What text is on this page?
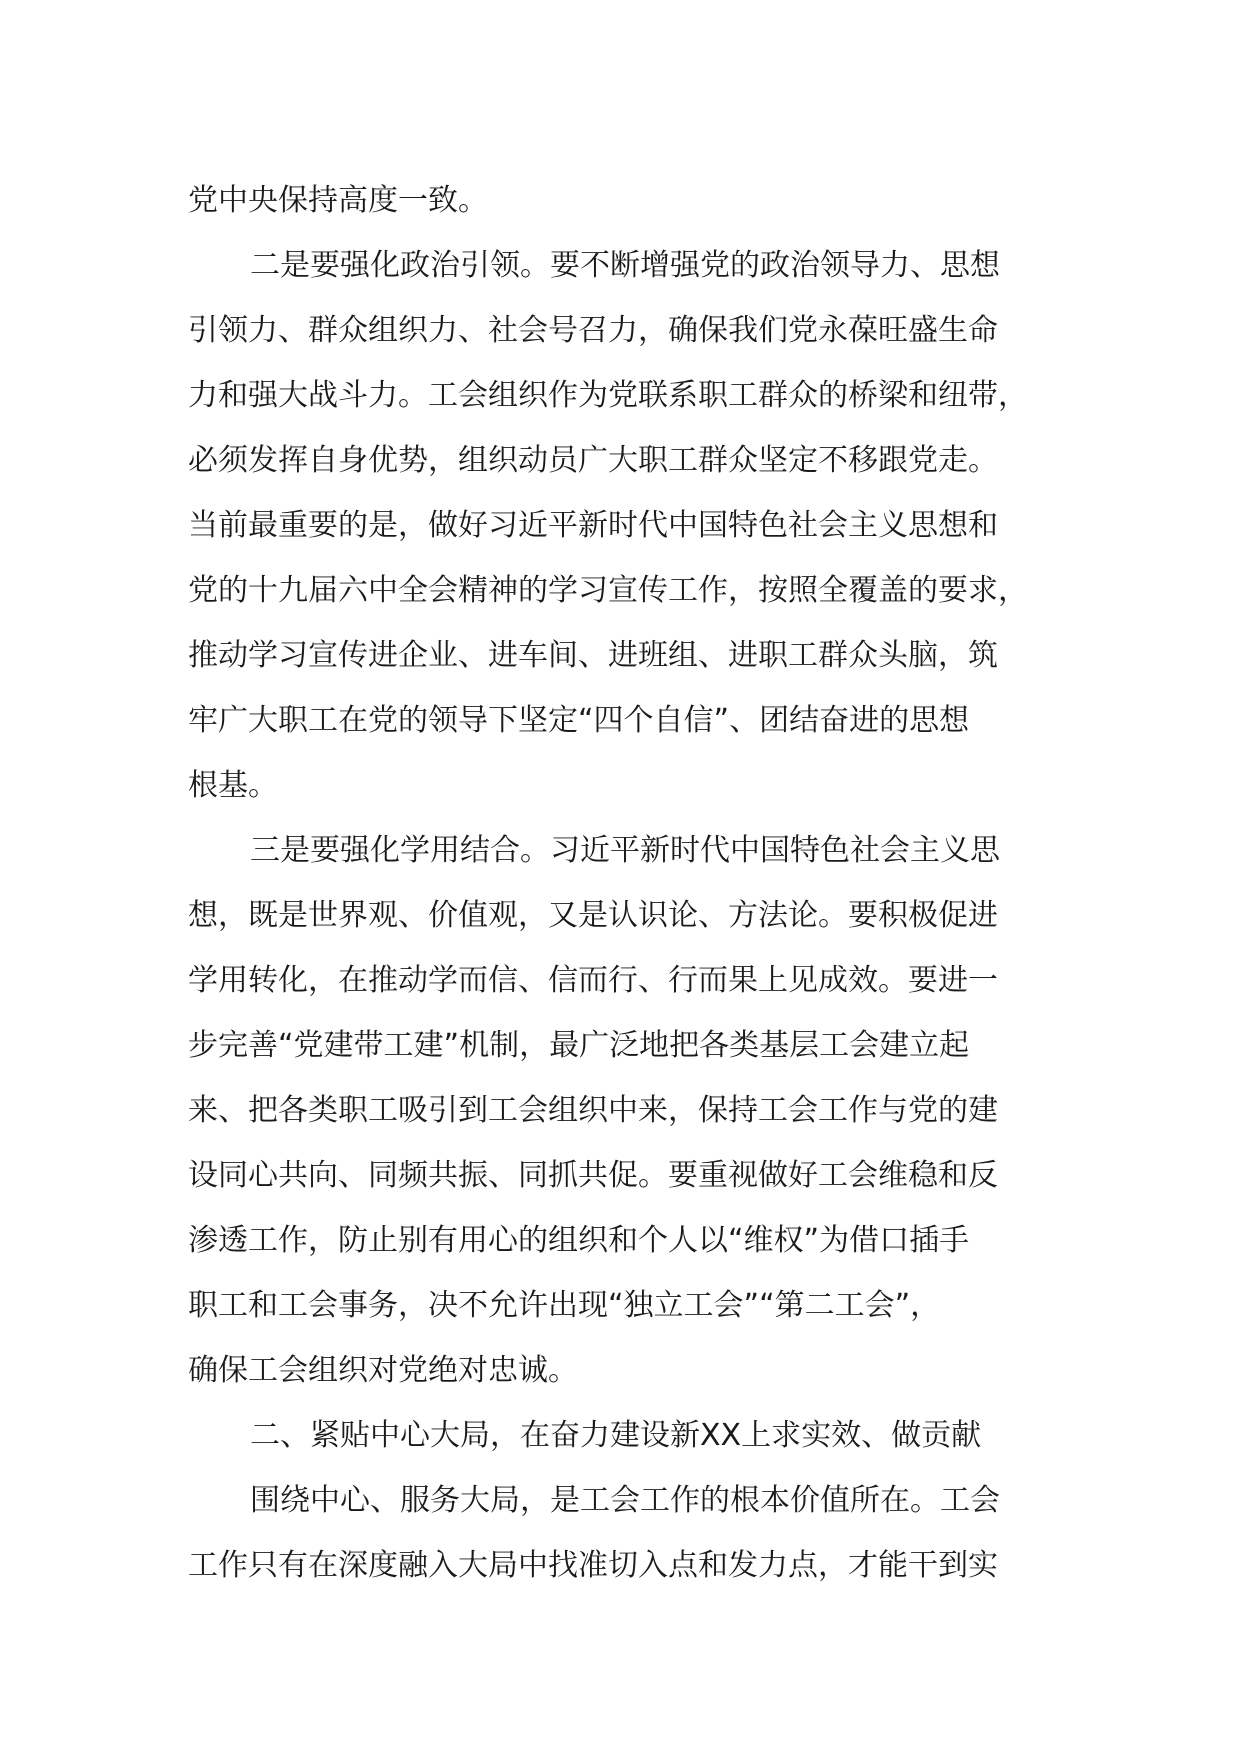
党中央保持高度一致。
二是要强化政治引领。要不断增强党的政治领导力、思想
引领力、群众组织力、社会号召力，确保我们党永葆旺盛生命
力和强大战斗力。工会组织作为党联系职工群众的桥梁和纽带，
必须发挥自身优势，组织动员广大职工群众坚定不移跟党走。
当前最重要的是，做好习近平新时代中国特色社会主义思想和
党的十九届六中全会精神的学习宣传工作，按照全覆盖的要求，
推动学习宣传进企业、进车间、进班组、进职工群众头脑，筑
牢广大职工在党的领导下坚定“四个自信”、团结奋进的思想
根基。
三是要强化学用结合。习近平新时代中国特色社会主义思
想，既是世界观、价值观，又是认识论、方法论。要积极促进
学用转化，在推动学而信、信而行、行而果上见成效。要进一
步完善“党建带工建”机制，最广泛地把各类基层工会建立起
来、把各类职工吸引到工会组织中来，保持工会工作与党的建
设同心共向、同频共振、同抓共促。要重视做好工会维稳和反
渗透工作，防止别有用心的组织和个人以“维权”为借口插手
职工和工会事务，决不允许出现“独立工会”“第二工会”，
确保工会组织对党绝对忠诚。
二、紧贴中心大局，在奋力建设新XX上求实效、做贡献
围绕中心、服务大局，是工会工作的根本价值所在。工会
工作只有在深度融入大局中找准切入点和发力点，才能干到实
